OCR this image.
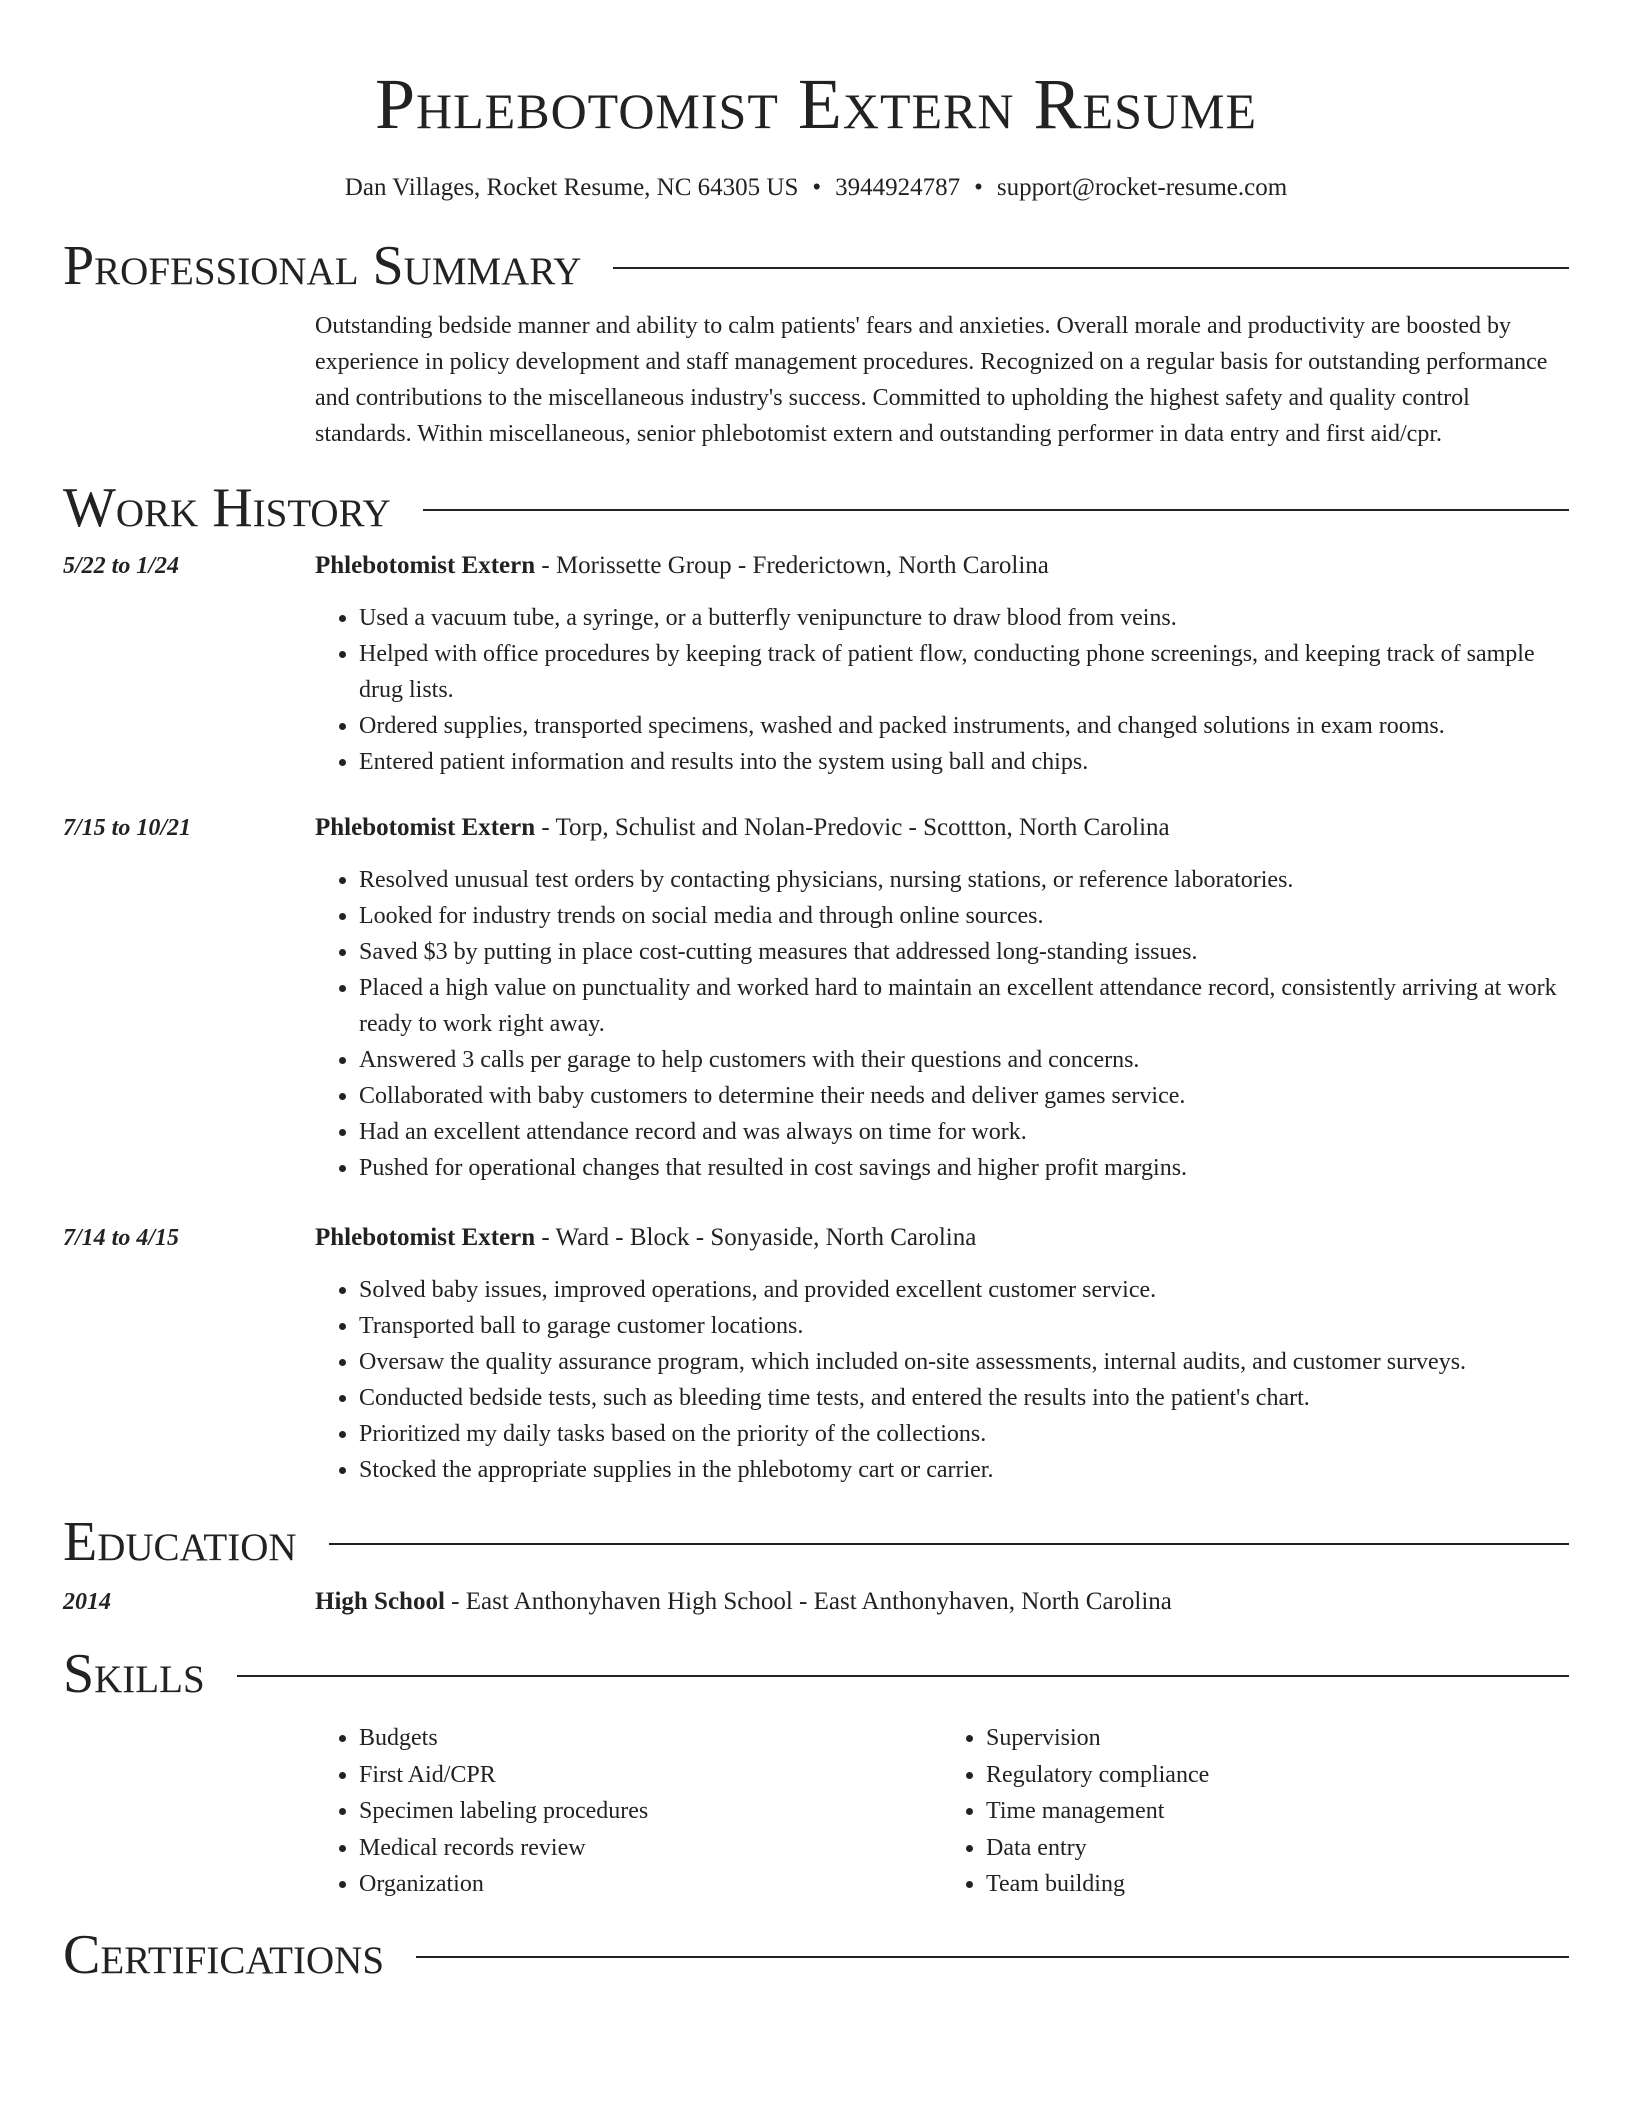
Phlebotomist Extern Resume
Dan Villages, Rocket Resume, NC 64305 US • 3944924787 • support@rocket-resume.com
Professional Summary
Outstanding bedside manner and ability to calm patients' fears and anxieties. Overall morale and productivity are boosted by experience in policy development and staff management procedures. Recognized on a regular basis for outstanding performance and contributions to the miscellaneous industry's success. Committed to upholding the highest safety and quality control standards. Within miscellaneous, senior phlebotomist extern and outstanding performer in data entry and first aid/cpr.
Work History
5/22 to 1/24	Phlebotomist Extern - Morissette Group - Frederictown, North Carolina
• Used a vacuum tube, a syringe, or a butterfly venipuncture to draw blood from veins.
• Helped with office procedures by keeping track of patient flow, conducting phone screenings, and keeping track of sample drug lists.
• Ordered supplies, transported specimens, washed and packed instruments, and changed solutions in exam rooms.
• Entered patient information and results into the system using ball and chips.
7/15 to 10/21	Phlebotomist Extern - Torp, Schulist and Nolan-Predovic - Scottton, North Carolina
• Resolved unusual test orders by contacting physicians, nursing stations, or reference laboratories.
• Looked for industry trends on social media and through online sources.
• Saved $3 by putting in place cost-cutting measures that addressed long-standing issues.
• Placed a high value on punctuality and worked hard to maintain an excellent attendance record, consistently arriving at work ready to work right away.
• Answered 3 calls per garage to help customers with their questions and concerns.
• Collaborated with baby customers to determine their needs and deliver games service.
• Had an excellent attendance record and was always on time for work.
• Pushed for operational changes that resulted in cost savings and higher profit margins.
7/14 to 4/15	Phlebotomist Extern - Ward - Block - Sonyaside, North Carolina
• Solved baby issues, improved operations, and provided excellent customer service.
• Transported ball to garage customer locations.
• Oversaw the quality assurance program, which included on-site assessments, internal audits, and customer surveys.
• Conducted bedside tests, such as bleeding time tests, and entered the results into the patient's chart.
• Prioritized my daily tasks based on the priority of the collections.
• Stocked the appropriate supplies in the phlebotomy cart or carrier.
Education
2014	High School - East Anthonyhaven High School - East Anthonyhaven, North Carolina
Skills
• Budgets
• First Aid/CPR
• Specimen labeling procedures
• Medical records review
• Organization
• Supervision
• Regulatory compliance
• Time management
• Data entry
• Team building
Certifications
